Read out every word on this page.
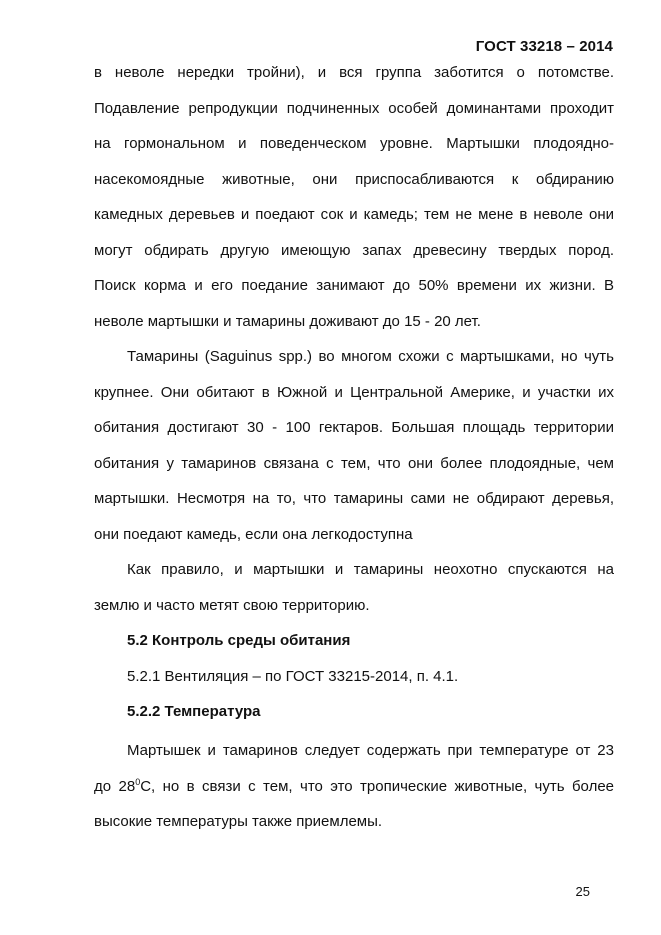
ГОСТ 33218 – 2014
в неволе нередки тройни), и вся группа заботится о потомстве.
Подавление репродукции подчиненных особей доминантами проходит
на гормональном и поведенческом уровне. Мартышки плодоядно-
насекомоядные животные, они приспосабливаются к обдиранию
камедных деревьев и поедают сок и камедь; тем не мене в неволе они
могут обдирать другую имеющую запах древесину твердых пород.
Поиск корма и его поедание занимают до 50% времени их жизни. В
неволе мартышки и тамарины доживают до 15 - 20 лет.
Тамарины (Saguinus spp.) во многом схожи с мартышками, но чуть
крупнее. Они обитают в Южной и Центральной Америке, и участки их
обитания достигают 30 - 100 гектаров. Большая площадь территории
обитания у тамаринов связана с тем, что они более плодоядные, чем
мартышки. Несмотря на то, что тамарины сами не обдирают деревья,
они поедают камедь, если она легкодоступна
Как правило, и мартышки и тамарины неохотно спускаются на
землю и часто метят свою территорию.
5.2 Контроль среды обитания
5.2.1 Вентиляция – по ГОСТ 33215-2014, п. 4.1.
5.2.2 Температура
Мартышек и тамаринов следует содержать при температуре от 23
до $28^0С$, но в связи с тем, что это тропические животные, чуть более
высокие температуры также приемлемы.
25
